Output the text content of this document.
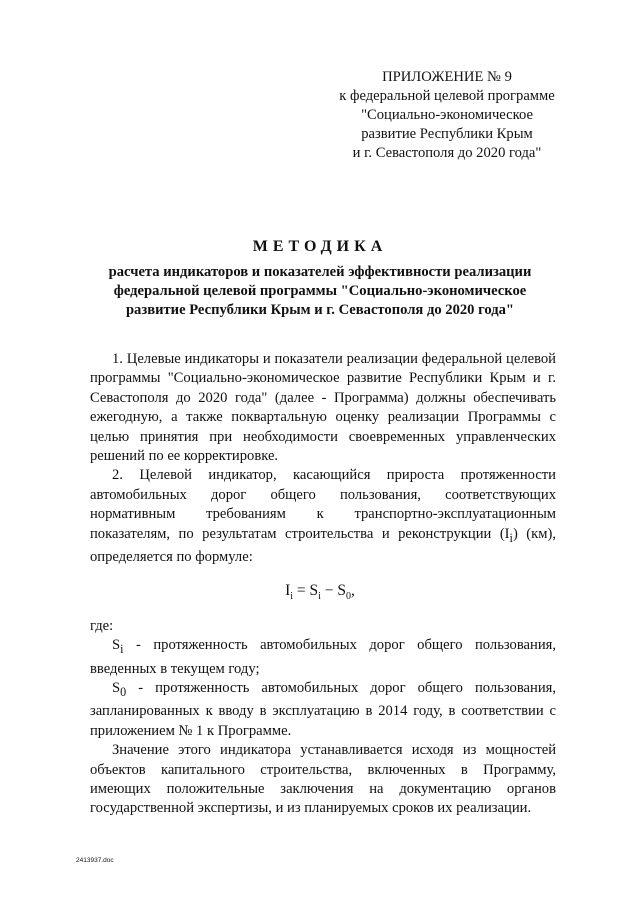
ПРИЛОЖЕНИЕ № 9
к федеральной целевой программе
"Социально-экономическое
развитие Республики Крым
и г. Севастополя до 2020 года"
МЕТОДИКА
расчета индикаторов и показателей эффективности реализации
федеральной целевой программы "Социально-экономическое
развитие Республики Крым и г. Севастополя до 2020 года"

1. Целевые индикаторы и показатели реализации федеральной целевой программы "Социально-экономическое развитие Республики Крым и г. Севастополя до 2020 года" (далее - Программа) должны обеспечивать ежегодную, а также поквартальную оценку реализации Программы с целью принятия при необходимости своевременных управленческих решений по ее корректировке.

2. Целевой индикатор, касающийся прироста протяженности автомобильных дорог общего пользования, соответствующих нормативным требованиям к транспортно-эксплуатационным показателям, по результатам строительства и реконструкции $(I_i)$ (км), определяется по формуле:

$I_i = S_i - S_0$,

где:

$S_i$ - протяженность автомобильных дорог общего пользования, введенных в текущем году;

$S_0$ - протяженность автомобильных дорог общего пользования, запланированных к вводу в эксплуатацию в 2014 году, в соответствии с приложением № 1 к Программе.

Значение этого индикатора устанавливается исходя из мощностей объектов капитального строительства, включенных в Программу, имеющих положительные заключения на документацию органов государственной экспертизы, и из планируемых сроков их реализации.

2413937.doc
